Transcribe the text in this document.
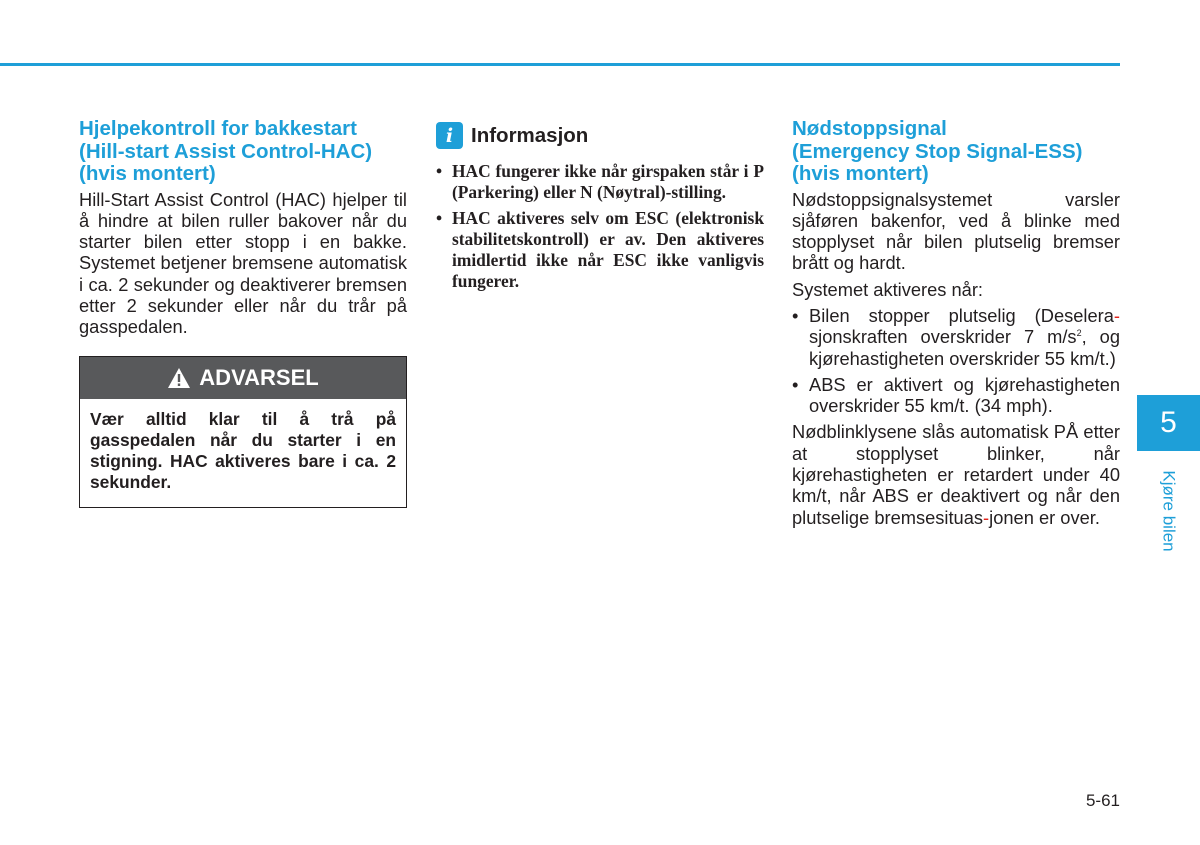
Hjelpekontroll for bakkestart
(Hill-start Assist Control-HAC)
(hvis montert)

Hill-Start Assist Control (HAC) hjelper til å hindre at bilen ruller bakover når du starter bilen etter stopp i en bakke. Systemet betjener bremsene automatisk i ca. 2 sekunder og deaktiverer bremsen etter 2 sekunder eller når du trår på gasspedalen.

ADVARSEL
Vær alltid klar til å trå på gasspedalen når du starter i en stigning. HAC aktiveres bare i ca. 2 sekunder.
i Informasjon
• HAC fungerer ikke når girspaken står i P (Parkering) eller N (Nøytral)-stilling.
• HAC aktiveres selv om ESC (elektronisk stabilitetskontroll) er av. Den aktiveres imidlertid ikke når ESC ikke vanligvis fungerer.
Nødstoppsignal
(Emergency Stop Signal-ESS)
(hvis montert)

Nødstoppsignalsystemet varsler sjåføren bakenfor, ved å blinke med stopplyset når bilen plutselig bremser brått og hardt.

Systemet aktiveres når:

• Bilen stopper plutselig (Deselera-sjonskraften overskrider 7 $m/s^2$, og kjørehastigheten overskrider 55 km/t.)
• ABS er aktivert og kjørehastigheten overskrider 55 km/t. (34 mph).

Nødblinklysene slås automatisk PÅ etter at stopplyset blinker, når kjørehastigheten er retardert under 40 km/t, når ABS er deaktivert og når den plutselige bremsesituas-jonen er over.

5
Kjøre bilen
5-61
